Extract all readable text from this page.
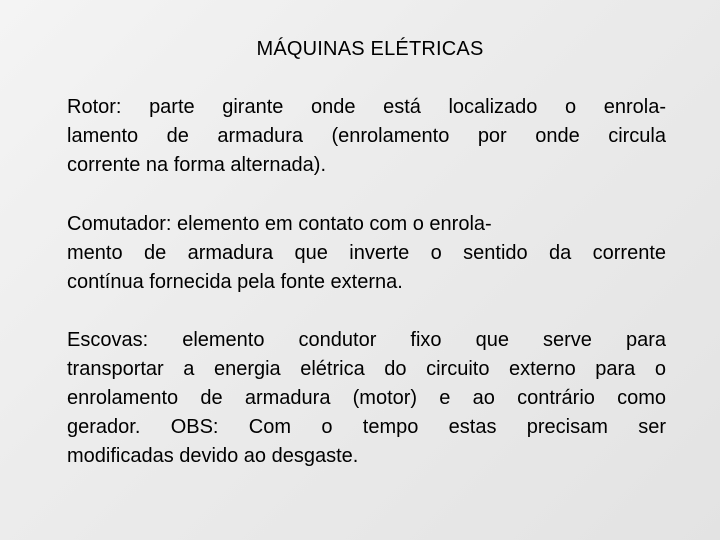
MÁQUINAS ELÉTRICAS
Rotor: parte girante onde está localizado o enrola-
lamento de armadura (enrolamento por onde circula
corrente na forma alternada).
Comutador: elemento em contato com o enrola-
mento de armadura que inverte o sentido da corrente
contínua fornecida pela fonte externa.
Escovas: elemento condutor fixo que serve para
transportar a energia elétrica do circuito externo para o
enrolamento de armadura (motor) e ao contrário como
gerador. OBS: Com o tempo estas precisam ser
modificadas devido ao desgaste.
